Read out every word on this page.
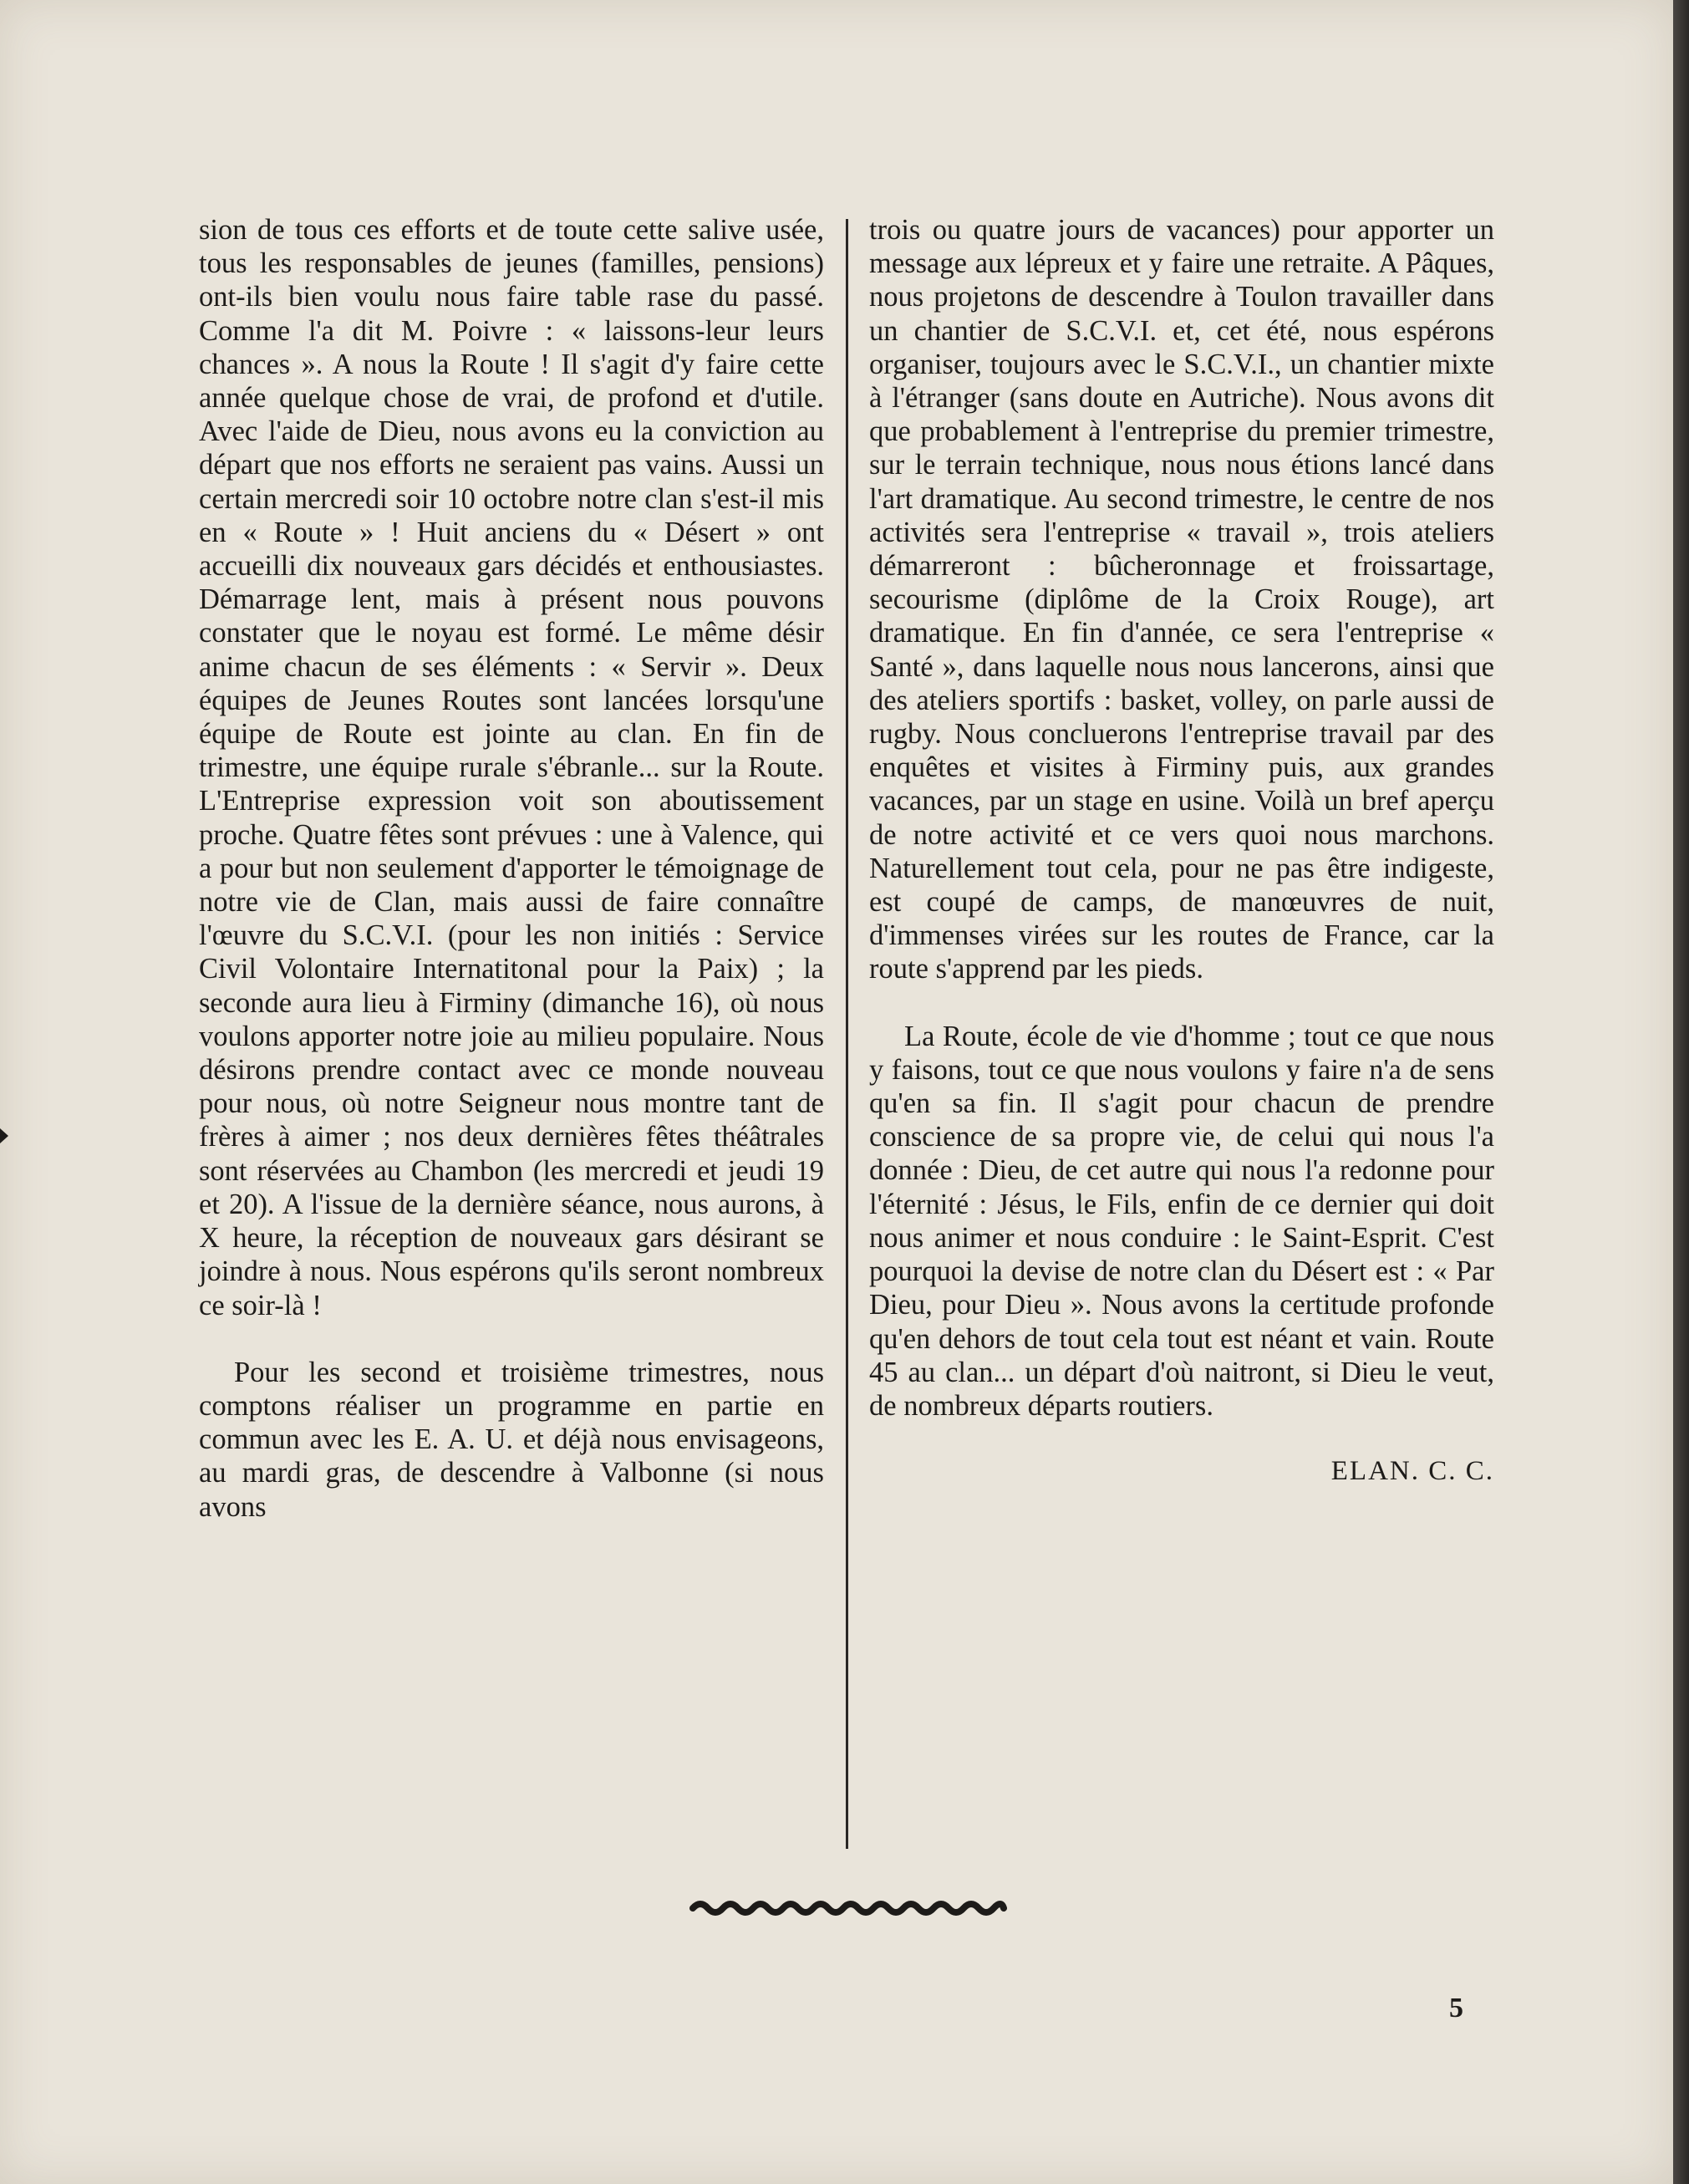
sion de tous ces efforts et de toute cette salive usée, tous les responsables de jeunes (familles, pensions) ont-ils bien voulu nous faire table rase du passé. Comme l'a dit M. Poivre : « laissons-leur leurs chances ». A nous la Route ! Il s'agit d'y faire cette année quelque chose de vrai, de profond et d'utile. Avec l'aide de Dieu, nous avons eu la conviction au départ que nos efforts ne seraient pas vains. Aussi un certain mercredi soir 10 octobre notre clan s'est-il mis en « Route » ! Huit anciens du « Désert » ont accueilli dix nouveaux gars décidés et enthousiastes. Démarrage lent, mais à présent nous pouvons constater que le noyau est formé. Le même désir anime chacun de ses éléments : « Servir ». Deux équipes de Jeunes Routes sont lancées lorsqu'une équipe de Route est jointe au clan. En fin de trimestre, une équipe rurale s'ébranle... sur la Route. L'Entreprise expression voit son aboutissement proche. Quatre fêtes sont prévues : une à Valence, qui a pour but non seulement d'apporter le témoignage de notre vie de Clan, mais aussi de faire connaître l'œuvre du S.C.V.I. (pour les non initiés : Service Civil Volontaire Internatitonal pour la Paix) ; la seconde aura lieu à Firminy (dimanche 16), où nous voulons apporter notre joie au milieu populaire. Nous désirons prendre contact avec ce monde nouveau pour nous, où notre Seigneur nous montre tant de frères à aimer ; nos deux dernières fêtes théâtrales sont réservées au Chambon (les mercredi et jeudi 19 et 20). A l'issue de la dernière séance, nous aurons, à X heure, la réception de nouveaux gars désirant se joindre à nous. Nous espérons qu'ils seront nombreux ce soir-là !

Pour les second et troisième trimestres, nous comptons réaliser un programme en partie en commun avec les E. A. U. et déjà nous envisageons, au mardi gras, de descendre à Valbonne (si nous avons

trois ou quatre jours de vacances) pour apporter un message aux lépreux et y faire une retraite. A Pâques, nous projetons de descendre à Toulon travailler dans un chantier de S.C.V.I. et, cet été, nous espérons organiser, toujours avec le S.C.V.I., un chantier mixte à l'étranger (sans doute en Autriche). Nous avons dit que probablement à l'entreprise du premier trimestre, sur le terrain technique, nous nous étions lancé dans l'art dramatique. Au second trimestre, le centre de nos activités sera l'entreprise « travail », trois ateliers démarreront : bûcheronnage et froissartage, secourisme (diplôme de la Croix Rouge), art dramatique. En fin d'année, ce sera l'entreprise « Santé », dans laquelle nous nous lancerons, ainsi que des ateliers sportifs : basket, volley, on parle aussi de rugby. Nous concluerons l'entreprise travail par des enquêtes et visites à Firminy puis, aux grandes vacances, par un stage en usine. Voilà un bref aperçu de notre activité et ce vers quoi nous marchons. Naturellement tout cela, pour ne pas être indigeste, est coupé de camps, de manœuvres de nuit, d'immenses virées sur les routes de France, car la route s'apprend par les pieds.

La Route, école de vie d'homme ; tout ce que nous y faisons, tout ce que nous voulons y faire n'a de sens qu'en sa fin. Il s'agit pour chacun de prendre conscience de sa propre vie, de celui qui nous l'a donnée : Dieu, de cet autre qui nous l'a redonne pour l'éternité : Jésus, le Fils, enfin de ce dernier qui doit nous animer et nous conduire : le Saint-Esprit. C'est pourquoi la devise de notre clan du Désert est : « Par Dieu, pour Dieu ». Nous avons la certitude profonde qu'en dehors de tout cela tout est néant et vain. Route 45 au clan... un départ d'où naitront, si Dieu le veut, de nombreux départs routiers.

ELAN. C. C.
5
